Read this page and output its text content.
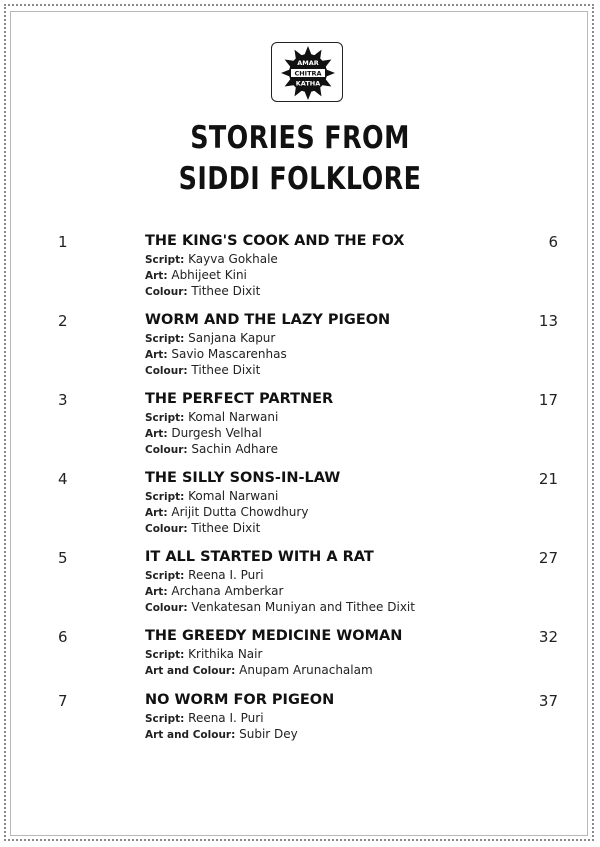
AMAR
CHITRA
KATHA
STORIES FROM
SIDDI FOLKLORE
1	THE KING'S COOK AND THE FOX	6
Script: Kayva Gokhale
Art: Abhijeet Kini
Colour: Tithee Dixit
2	WORM AND THE LAZY PIGEON	13
Script: Sanjana Kapur
Art: Savio Mascarenhas
Colour: Tithee Dixit
3	THE PERFECT PARTNER	17
Script: Komal Narwani
Art: Durgesh Velhal
Colour: Sachin Adhare
4	THE SILLY SONS-IN-LAW	21
Script: Komal Narwani
Art: Arijit Dutta Chowdhury
Colour: Tithee Dixit
5	IT ALL STARTED WITH A RAT	27
Script: Reena I. Puri
Art: Archana Amberkar
Colour: Venkatesan Muniyan and Tithee Dixit
6	THE GREEDY MEDICINE WOMAN	32
Script: Krithika Nair
Art and Colour: Anupam Arunachalam
7	NO WORM FOR PIGEON	37
Script: Reena I. Puri
Art and Colour: Subir Dey
